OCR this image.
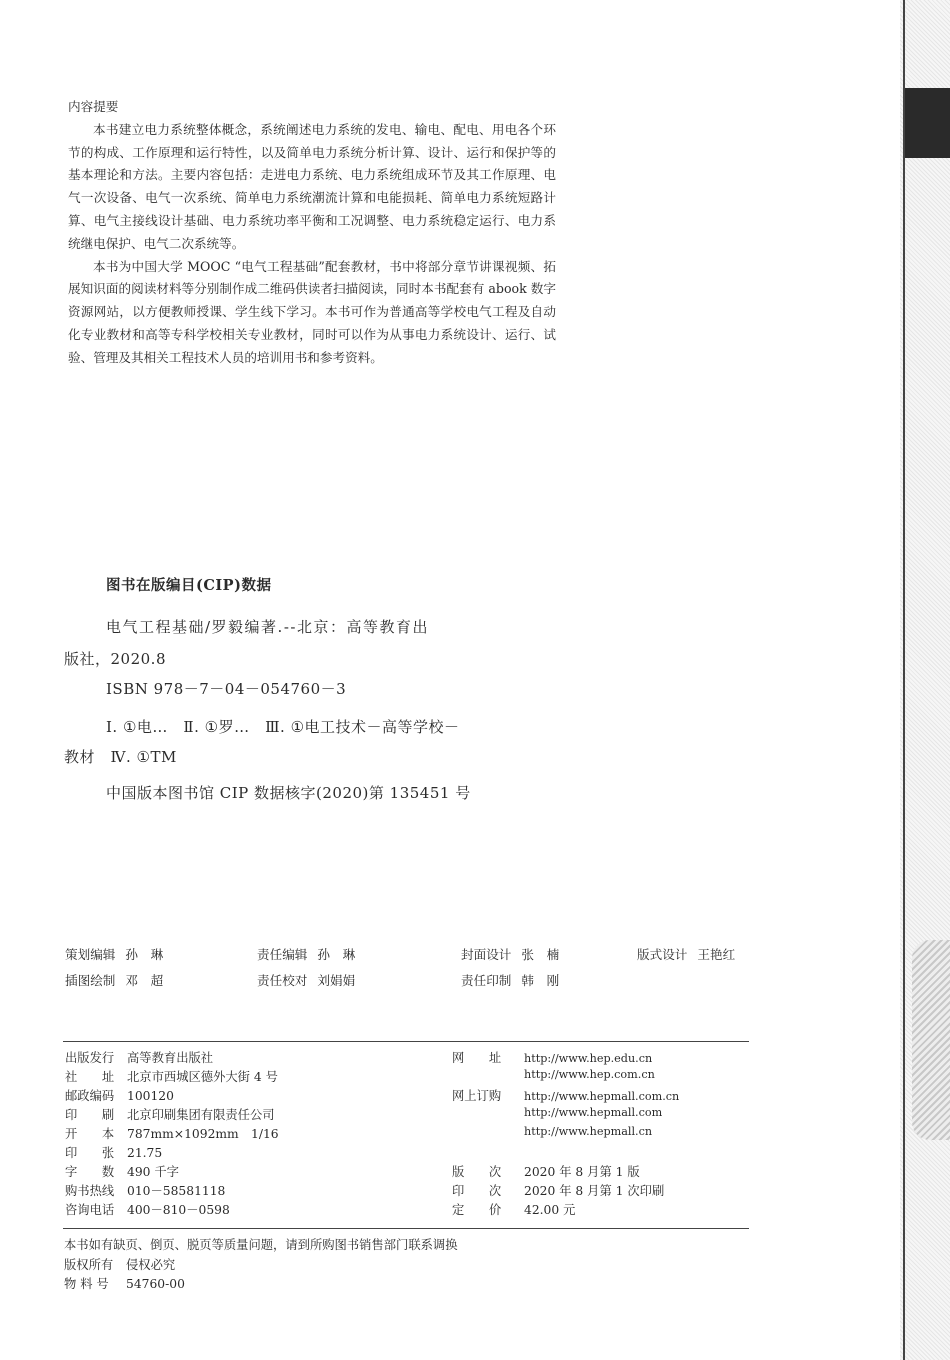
内容提要

本书建立电力系统整体概念，系统阐述电力系统的发电、输电、配电、用电各个环节的构成、工作原理和运行特性，以及简单电力系统分析计算、设计、运行和保护等的基本理论和方法。主要内容包括：走进电力系统、电力系统组成环节及其工作原理、电气一次设备、电气一次系统、简单电力系统潮流计算和电能损耗、简单电力系统短路计算、电气主接线设计基础、电力系统功率平衡和工况调整、电力系统稳定运行、电力系统继电保护、电气二次系统等。

本书为中国大学 MOOC “电气工程基础”配套教材，书中将部分章节讲课视频、拓展知识面的阅读材料等分别制作成二维码供读者扫描阅读，同时本书配套有 abook 数字资源网站，以方便教师授课、学生线下学习。本书可作为普通高等学校电气工程及自动化专业教材和高等专科学校相关专业教材，同时可以作为从事电力系统设计、运行、试验、管理及其相关工程技术人员的培训用书和参考资料。

图书在版编目(CIP)数据
电气工程基础/罗毅编著.--北京：高等教育出
版社，2020.8
ISBN 978－7－04－054760－3
Ⅰ. ①电…　Ⅱ. ①罗…　Ⅲ. ①电工技术－高等学校－
教材　Ⅳ. ①TM
中国版本图书馆 CIP 数据核字(2020)第 135451 号
策划编辑 孙　琳	责任编辑 孙　琳	封面设计 张　楠	版式设计 王艳红
插图绘制 邓　超	责任校对 刘娟娟	责任印制 韩　刚
出版发行 高等教育出版社
社　　址 北京市西城区德外大街 4 号
邮政编码 100120
印　　刷 北京印刷集团有限责任公司
开　　本 787mm×1092mm　1/16
印　　张 21.75
字　　数 490 千字
购书热线 010－58581118
咨询电话 400－810－0598
网　　址 http://www.hep.edu.cn
http://www.hep.com.cn
网上订购 http://www.hepmall.com.cn
http://www.hepmall.com
http://www.hepmall.cn
版　　次 2020 年 8 月第 1 版
印　　次 2020 年 8 月第 1 次印刷
定　　价 42.00 元
本书如有缺页、倒页、脱页等质量问题，请到所购图书销售部门联系调换
版权所有 侵权必究
物 料 号 54760-00
